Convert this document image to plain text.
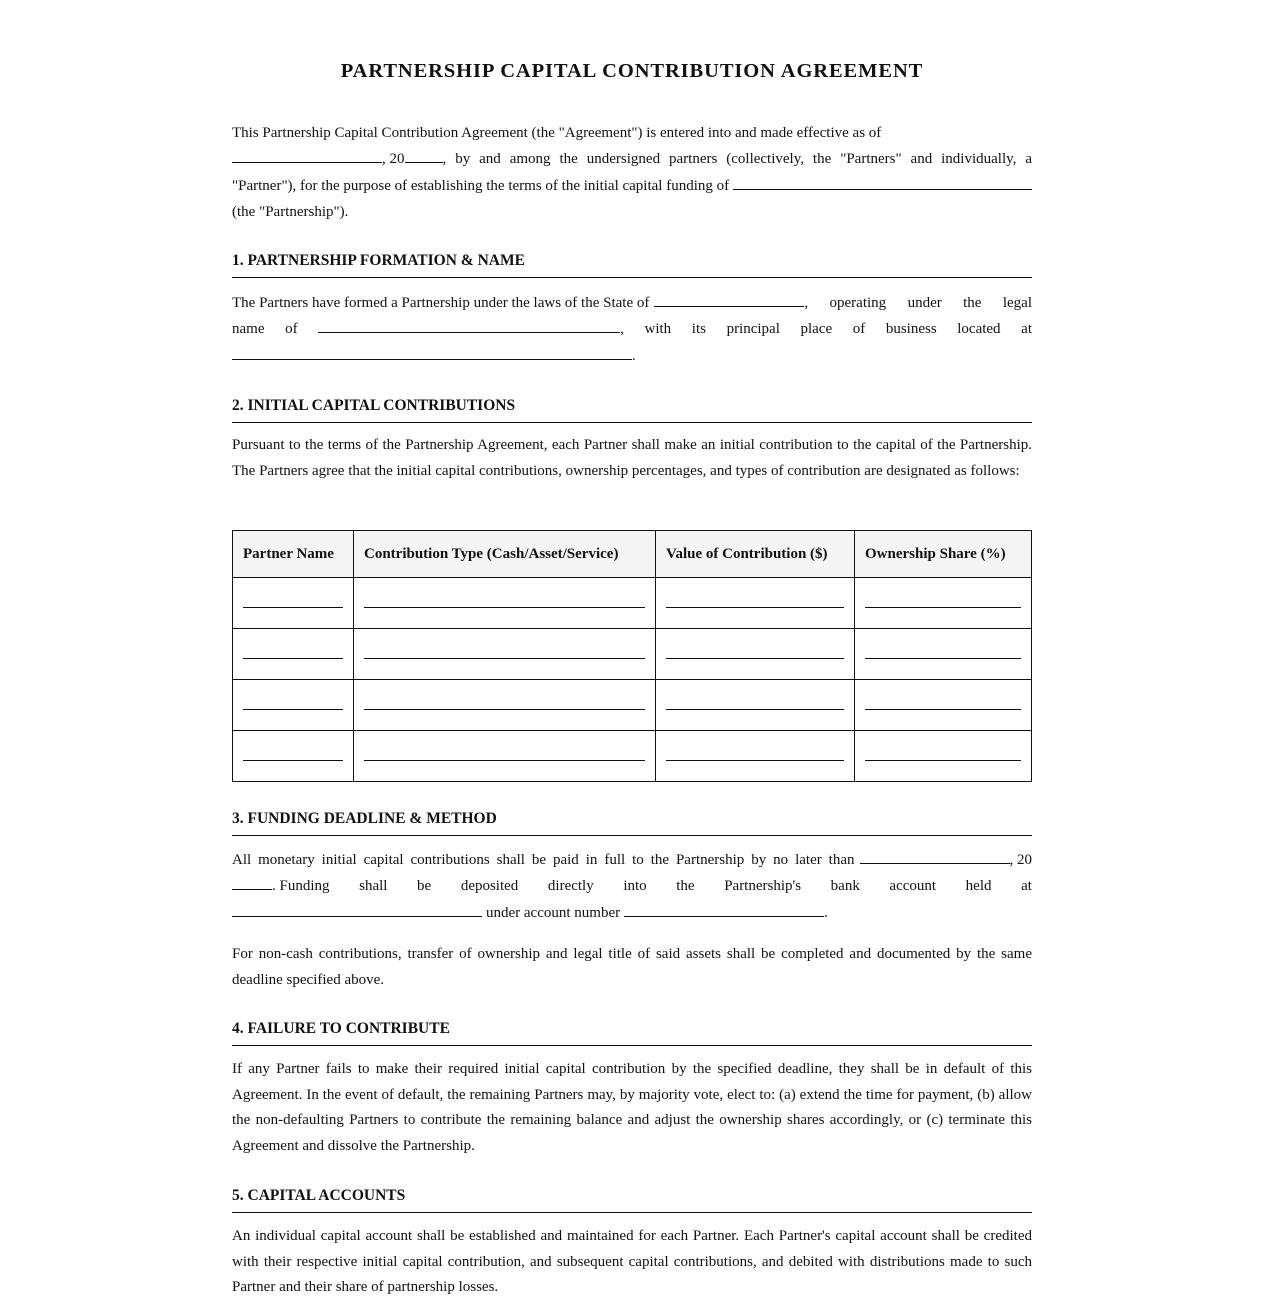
PARTNERSHIP CAPITAL CONTRIBUTION AGREEMENT
This Partnership Capital Contribution Agreement (the "Agreement") is entered into and made effective as of
, 20	, by and among the undersigned partners (collectively, the "Partners" and individually, a
"Partner"), for the purpose of establishing the terms of the initial capital funding of
(the "Partnership").
1. PARTNERSHIP FORMATION & NAME
The Partners have formed a Partnership under the laws of the State of	, operating under the legal
name of	, with its principal place of business located at
.
2. INITIAL CAPITAL CONTRIBUTIONS
Pursuant to the terms of the Partnership Agreement, each Partner shall make an initial contribution to the capital of the Partnership. The Partners agree that the initial capital contributions, ownership percentages, and types of contribution are designated as follows:
Partner Name	Contribution Type (Cash/Asset/Service)	Value of Contribution ($)	Ownership Share (%)

3. FUNDING DEADLINE & METHOD
All monetary initial capital contributions shall be paid in full to the Partnership by no later than	, 20
. Funding shall be deposited directly into the Partnership's bank account held at
under account number	.
For non-cash contributions, transfer of ownership and legal title of said assets shall be completed and documented by the same deadline specified above.
4. FAILURE TO CONTRIBUTE
If any Partner fails to make their required initial capital contribution by the specified deadline, they shall be in default of this Agreement. In the event of default, the remaining Partners may, by majority vote, elect to: (a) extend the time for payment, (b) allow the non-defaulting Partners to contribute the remaining balance and adjust the ownership shares accordingly, or (c) terminate this Agreement and dissolve the Partnership.
5. CAPITAL ACCOUNTS
An individual capital account shall be established and maintained for each Partner. Each Partner's capital account shall be credited with their respective initial capital contribution, and subsequent capital contributions, and debited with distributions made to such Partner and their share of partnership losses.
